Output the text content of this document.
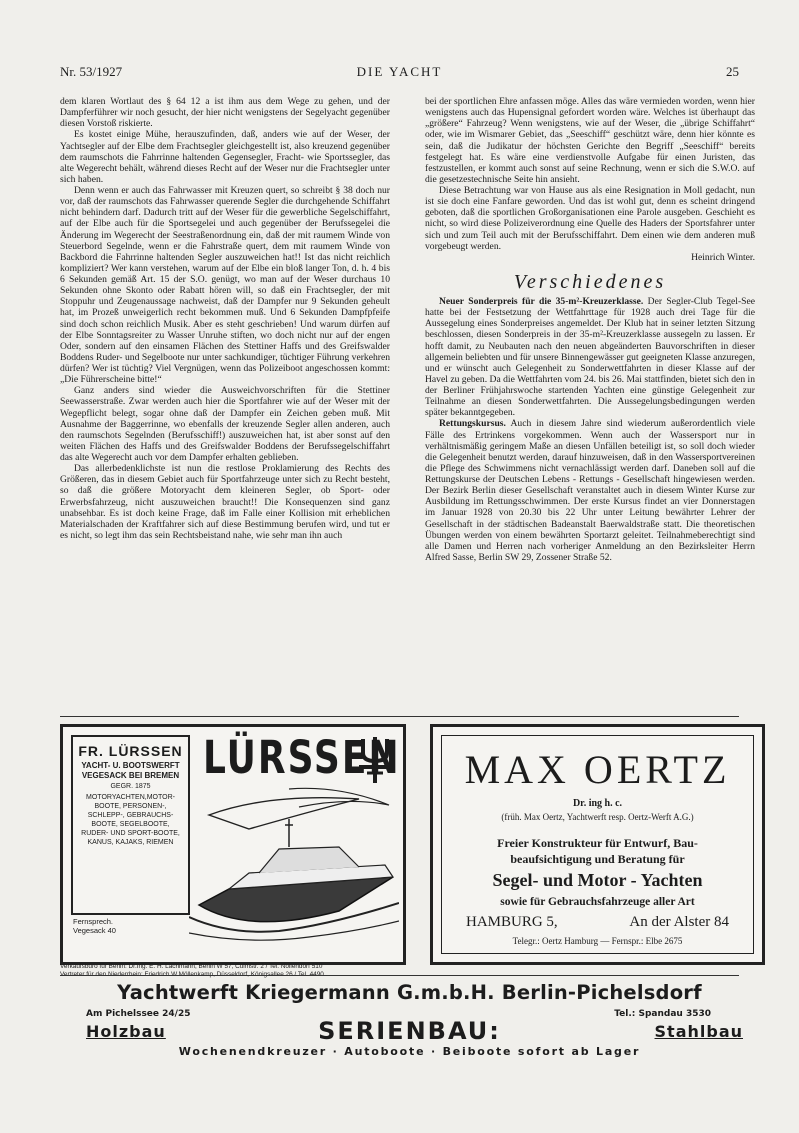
Nr. 53/1927	DIE YACHT	25

dem klaren Wortlaut des § 64 12 a ist ihm aus dem Wege zu gehen, und der Dampferführer wir noch gesucht, der hier nicht wenigstens der Segelyacht gegenüber diesen Vorstoß riskierte.

Es kostet einige Mühe, herauszufinden, daß, anders wie auf der Weser, der Yachtsegler auf der Elbe dem Frachtsegler gleichgestellt ist, also kreuzend gegenüber dem raumschots die Fahrrinne haltenden Gegensegler, Fracht- wie Sportssegler, das alte Wegerecht behält, während dieses Recht auf der Weser nur die Frachtsegler unter sich haben.

Denn wenn er auch das Fahrwasser mit Kreuzen quert, so schreibt § 38 doch nur vor, daß der raumschots das Fahrwasser querende Segler die durchgehende Schiffahrt nicht behindern darf. Dadurch tritt auf der Weser für die gewerbliche Segelschiffahrt, auf der Elbe auch für die Sportsegelei und auch gegenüber der Berufssegelei die Änderung im Wegerecht der Seestraßenordnung ein, daß der mit raumem Winde von Steuerbord Segelnde, wenn er die Fahrstraße quert, dem mit raumem Winde von Backbord die Fahrrinne haltenden Segler auszuweichen hat!! Ist das nicht reichlich kompliziert? Wer kann verstehen, warum auf der Elbe ein bloß langer Ton, d. h. 4 bis 6 Sekunden gemäß Art. 15 der S.O. genügt, wo man auf der Weser durchaus 10 Sekunden ohne Skonto oder Rabatt hören will, so daß ein Frachtsegler, der mit Stoppuhr und Zeugenaussage nachweist, daß der Dampfer nur 9 Sekunden geheult hat, im Prozeß unweigerlich recht bekommen muß. Und 6 Sekunden Dampfpfeife sind doch schon reichlich Musik. Aber es steht geschrieben! Und warum dürfen auf der Elbe Sonntagsreiter zu Wasser Unruhe stiften, wo doch nicht nur auf der engen Oder, sondern auf den einsamen Flächen des Stettiner Haffs und des Greifswalder Boddens Ruder- und Segelboote nur unter sachkundiger, tüchtiger Führung verkehren dürfen? Wer ist tüchtig? Viel Vergnügen, wenn das Polizeiboot angeschossen kommt: „Die Führerscheine bitte!“

Ganz anders sind wieder die Ausweichvorschriften für die Stettiner Seewasserstraße. Zwar werden auch hier die Sportfahrer wie auf der Weser mit der Wegepflicht belegt, sogar ohne daß der Dampfer ein Zeichen geben muß. Mit Ausnahme der Baggerrinne, wo ebenfalls der kreuzende Segler allen anderen, auch den raumschots Segelnden (Berufsschiff!) auszuweichen hat, ist aber sonst auf den weiten Flächen des Haffs und des Greifswalder Boddens der Berufssegelschiffahrt das alte Wegerecht auch vor dem Dampfer erhalten geblieben.

Das allerbedenklichste ist nun die restlose Proklamierung des Rechts des Größeren, das in diesem Gebiet auch für Sportfahrzeuge unter sich zu Recht besteht, so daß die größere Motoryacht dem kleineren Segler, ob Sport- oder Erwerbsfahrzeug, nicht auszuweichen braucht!! Die Konsequenzen sind ganz unabsehbar. Es ist doch keine Frage, daß im Falle einer Kollision mit erheblichen Materialschaden der Kraftfahrer sich auf diese Bestimmung berufen wird, und tut er es nicht, so legt ihm das sein Rechtsbeistand nahe, wie sehr man ihn auch

bei der sportlichen Ehre anfassen möge. Alles das wäre vermieden worden, wenn hier wenigstens auch das Hupensignal gefordert worden wäre. Welches ist überhaupt das „größere“ Fahrzeug? Wenn wenigstens, wie auf der Weser, die „übrige Schiffahrt“ oder, wie im Wismarer Gebiet, das „Seeschiff“ geschützt wäre, denn hier könnte es sein, daß die Judikatur der höchsten Gerichte den Begriff „Seeschiff“ bereits festgelegt hat. Es wäre eine verdienstvolle Aufgabe für einen Juristen, das festzustellen, er kommt auch sonst auf seine Rechnung, wenn er sich die S.W.O. auf die gesetzestechnische Seite hin ansieht.

Diese Betrachtung war von Hause aus als eine Resignation in Moll gedacht, nun ist sie doch eine Fanfare geworden. Und das ist wohl gut, denn es scheint dringend geboten, daß die sportlichen Großorganisationen eine Parole ausgeben. Geschieht es nicht, so wird diese Polizeiverordnung eine Quelle des Haders der Sportsfahrer unter sich und zum Teil auch mit der Berufsschiffahrt. Dem einen wie dem anderen muß vorgebeugt werden.

Heinrich Winter.
Verschiedenes

Neuer Sonderpreis für die 35-m²-Kreuzerklasse. Der Segler-Club Tegel-See hatte bei der Festsetzung der Wettfahrttage für 1928 auch drei Tage für die Aussegelung eines Sonderpreises angemeldet. Der Klub hat in seiner letzten Sitzung beschlossen, diesen Sonderpreis in der 35-m²-Kreuzerklasse aussegeln zu lassen. Er hofft damit, zu Neubauten nach den neuen abgeänderten Bauvorschriften in dieser allgemein beliebten und für unsere Binnengewässer gut geeigneten Klasse anzuregen, und er wünscht auch Gelegenheit zu Sonderwettfahrten in dieser Klasse auf der Havel zu geben. Da die Wettfahrten vom 24. bis 26. Mai stattfinden, bietet sich den in der Berliner Frühjahrswoche startenden Yachten eine günstige Gelegenheit zur Teilnahme an diesen Sonderwettfahrten. Die Aussegelungsbedingungen werden später bekanntgegeben.

Rettungskursus. Auch in diesem Jahre sind wiederum außerordentlich viele Fälle des Ertrinkens vorgekommen. Wenn auch der Wassersport nur in verhältnismäßig geringem Maße an diesen Unfällen beteiligt ist, so soll doch wieder die Gelegenheit benutzt werden, darauf hinzuweisen, daß in den Wassersportvereinen die Pflege des Schwimmens nicht vernachlässigt werden darf. Daneben soll auf die Rettungskurse der Deutschen Lebens - Rettungs - Gesellschaft hingewiesen werden. Der Bezirk Berlin dieser Gesellschaft veranstaltet auch in diesem Winter Kurse zur Ausbildung im Rettungsschwimmen. Der erste Kursus findet an vier Donnerstagen im Januar 1928 von 20.30 bis 22 Uhr unter Leitung bewährter Lehrer der Gesellschaft in der städtischen Badeanstalt Baerwaldstraße statt. Die theoretischen Übungen werden von einem bewährten Sportarzt geleitet. Teilnahmeberechtigt sind alle Damen und Herren nach vorheriger Anmeldung an den Bezirksleiter Herrn Alfred Sasse, Berlin SW 29, Zossener Straße 52.

FR. LÜRSSEN
YACHT- U. BOOTSWERFT
VEGESACK BEI BREMEN
GEGR. 1875
MOTORYACHTEN,MOTOR-BOOTE, PERSONEN-, SCHLEPP-, GEBRAUCHS-BOOTE, SEGELBOOTE, RUDER- UND SPORT-BOOTE, KANUS, KAJAKS, RIEMEN
Fernsprech.
Vegesack 40
LÜRSSEN
Verkaufsbüro für Berlin: Dr.Ing. E. H. Lachmann, Berlin W 57, Culmstr. 2 / Tel. Nollendorf 510
MAX OERTZ
Dr. ing h. c.
(früh. Max Oertz, Yachtwerft resp. Oertz-Werft A.G.)
Freier Konstrukteur für Entwurf, Bau-
beaufsichtigung und Beratung für
Segel- und Motor - Yachten
sowie für Gebrauchsfahrzeuge aller Art
HAMBURG 5,	An der Alster 84
Telegr.: Oertz Hamburg — Fernspr.: Elbe 2675
Yachtwerft Kriegermann G.m.b.H. Berlin-Pichelsdorf
Am Pichelssee 24/25	Tel.: Spandau 3530
Holzbau	SERIENBAU:	Stahlbau
Wochenendkreuzer · Autoboote · Beiboote sofort ab Lager
